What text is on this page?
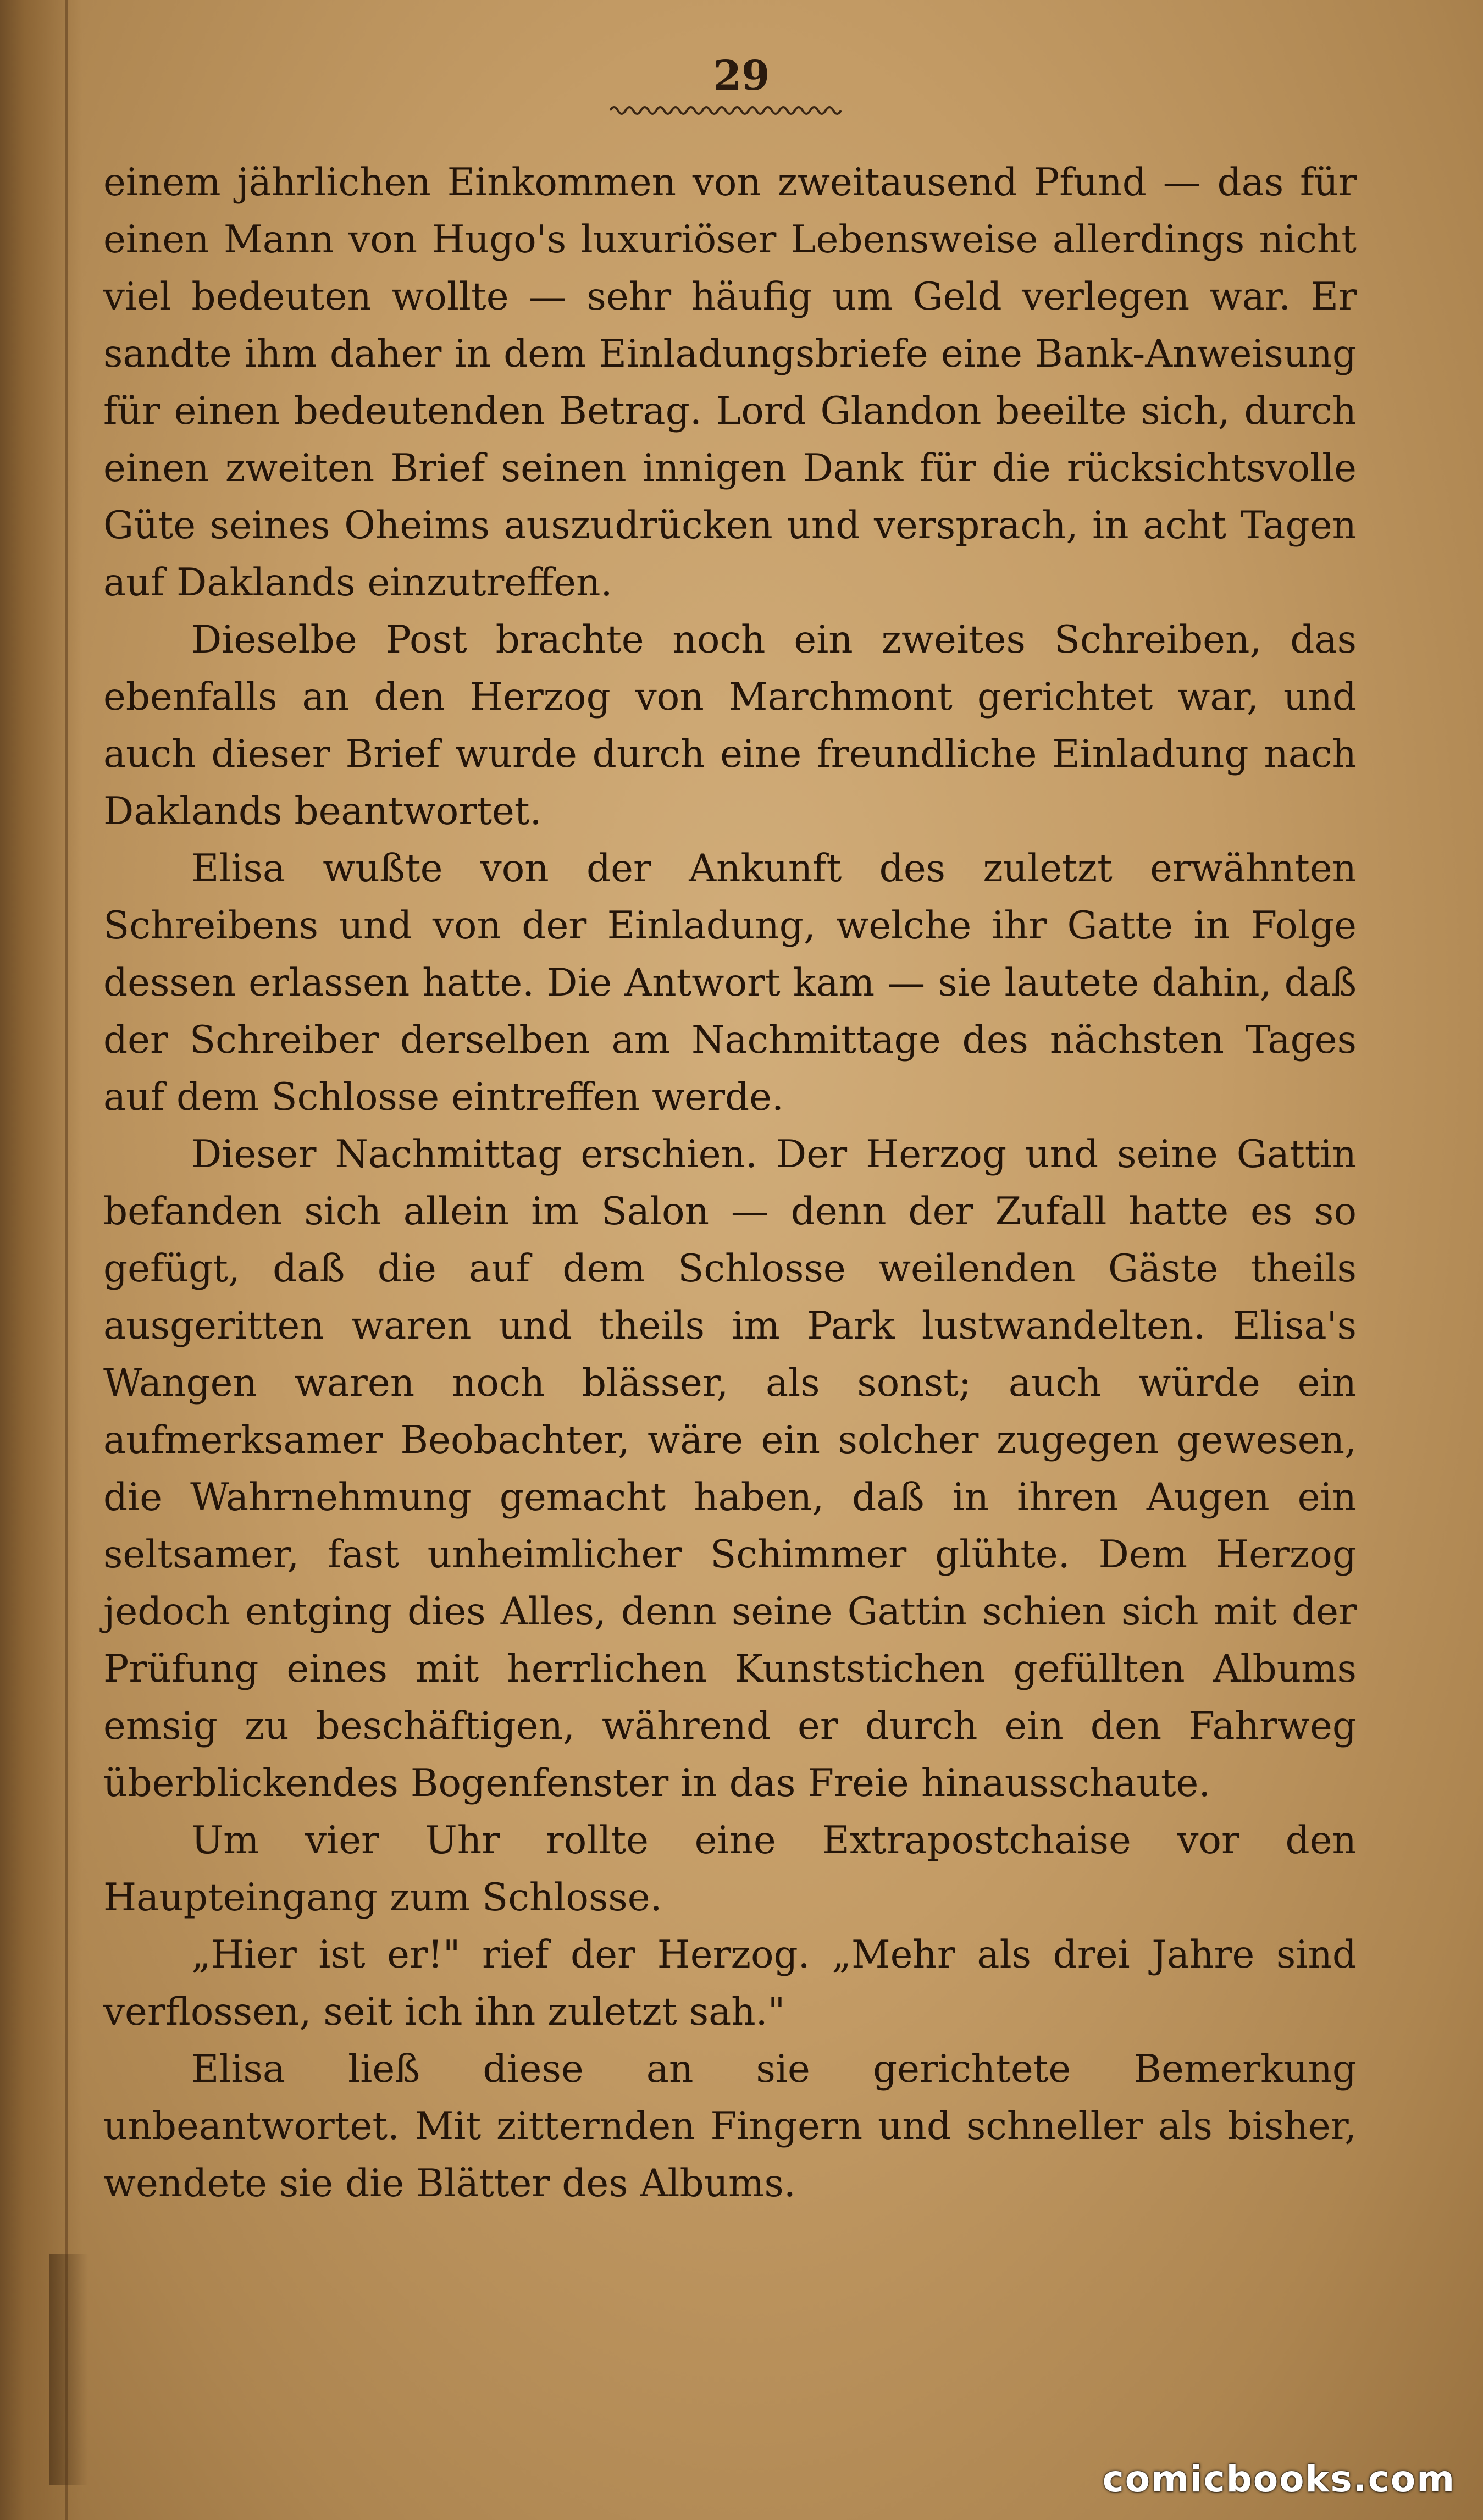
29

einem jährlichen Einkommen von zweitausend Pfund — das für einen Mann von Hugo's luxuriöser Lebensweise allerdings nicht viel bedeuten wollte — sehr häufig um Geld verlegen war. Er sandte ihm daher in dem Einladungsbriefe eine Bank-Anweisung für einen bedeutenden Betrag. Lord Glandon beeilte sich, durch einen zweiten Brief seinen innigen Dank für die rücksichtsvolle Güte seines Oheims auszudrücken und versprach, in acht Tagen auf Daklands einzutreffen.

Dieselbe Post brachte noch ein zweites Schreiben, das ebenfalls an den Herzog von Marchmont gerichtet war, und auch dieser Brief wurde durch eine freundliche Einladung nach Daklands beantwortet.

Elisa wußte von der Ankunft des zuletzt erwähnten Schreibens und von der Einladung, welche ihr Gatte in Folge dessen erlassen hatte. Die Antwort kam — sie lautete dahin, daß der Schreiber derselben am Nachmittage des nächsten Tages auf dem Schlosse eintreffen werde.

Dieser Nachmittag erschien. Der Herzog und seine Gattin befanden sich allein im Salon — denn der Zufall hatte es so gefügt, daß die auf dem Schlosse weilenden Gäste theils ausgeritten waren und theils im Park lustwandelten. Elisa's Wangen waren noch blässer, als sonst; auch würde ein aufmerksamer Beobachter, wäre ein solcher zugegen gewesen, die Wahrnehmung gemacht haben, daß in ihren Augen ein seltsamer, fast unheimlicher Schimmer glühte. Dem Herzog jedoch entging dies Alles, denn seine Gattin schien sich mit der Prüfung eines mit herrlichen Kunststichen gefüllten Albums emsig zu beschäftigen, während er durch ein den Fahrweg überblickendes Bogenfenster in das Freie hinausschaute.

Um vier Uhr rollte eine Extrapostchaise vor den Haupteingang zum Schlosse.

„Hier ist er!" rief der Herzog. „Mehr als drei Jahre sind verflossen, seit ich ihn zuletzt sah."

Elisa ließ diese an sie gerichtete Bemerkung unbeantwortet. Mit zitternden Fingern und schneller als bisher, wendete sie die Blätter des Albums.

comicbooks.com
